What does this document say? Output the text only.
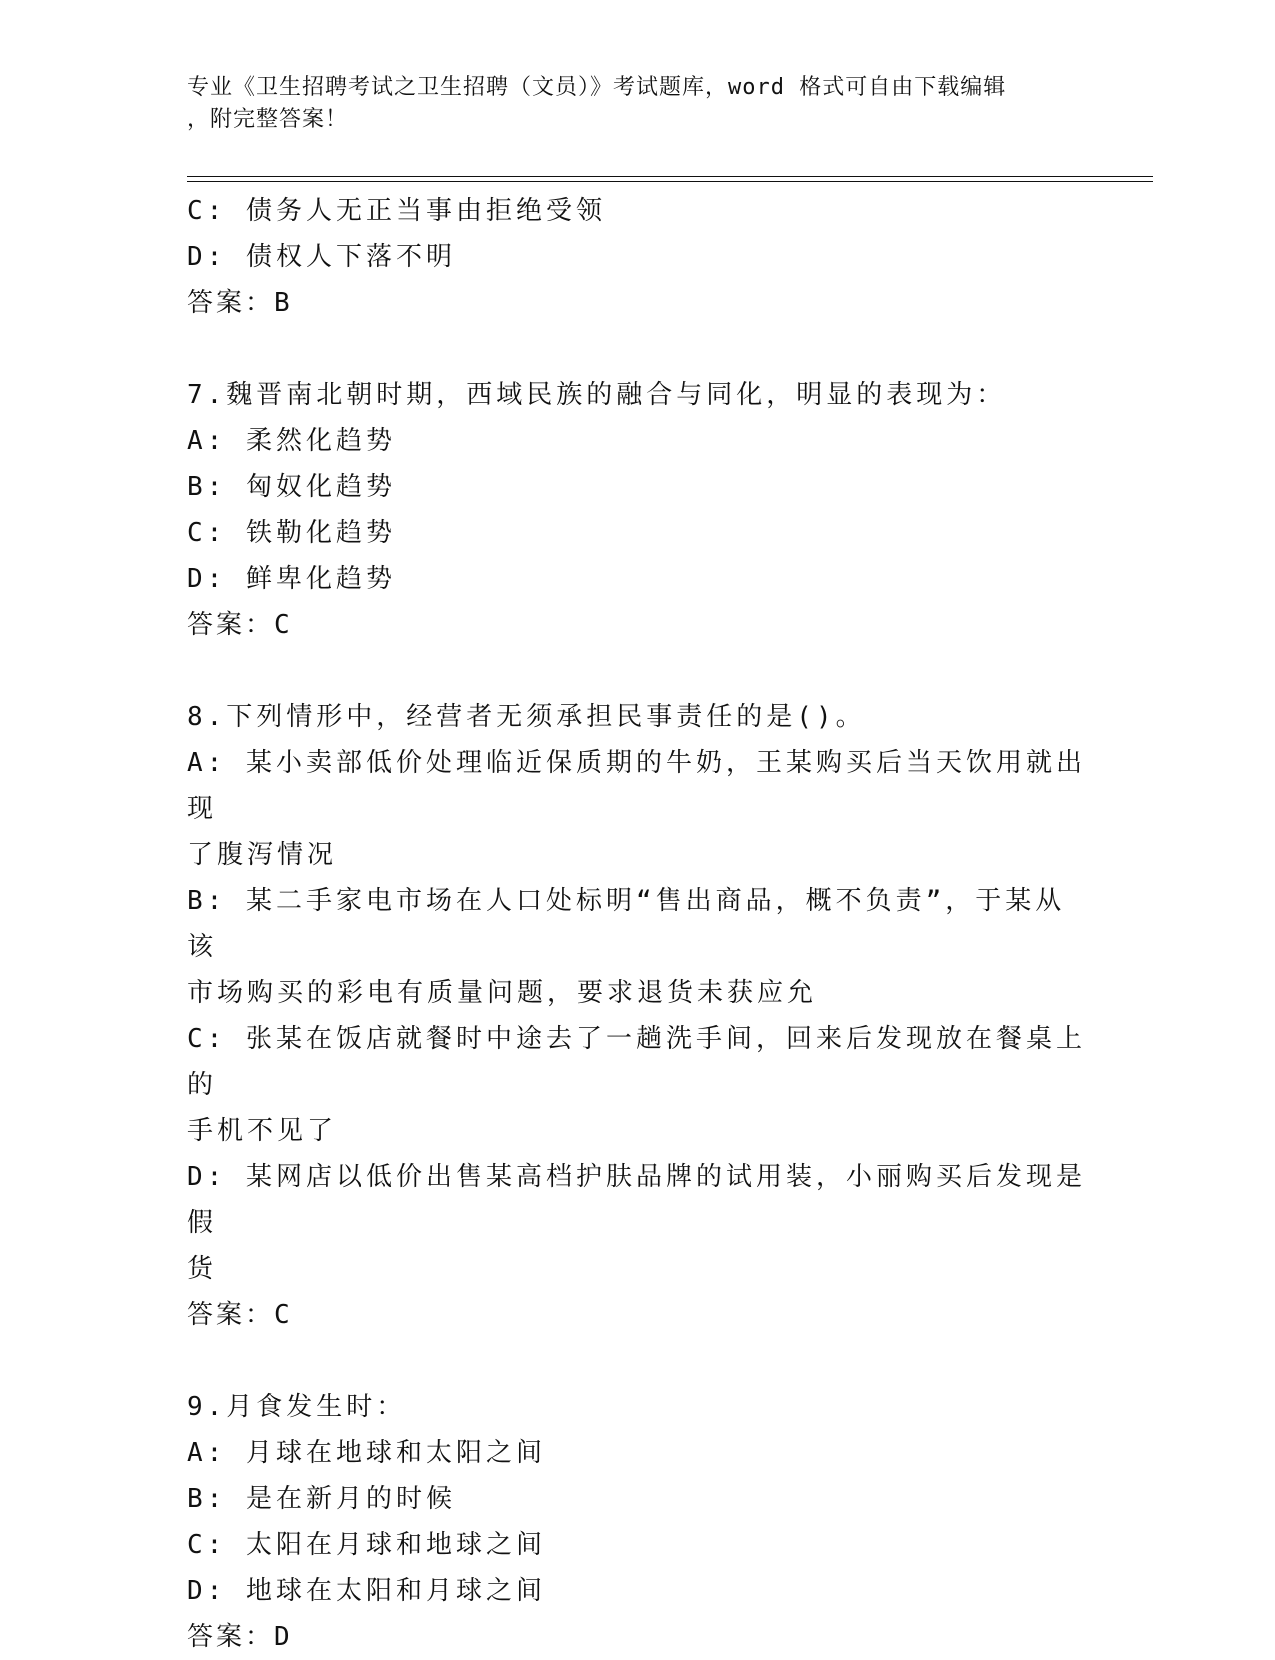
专业《卫生招聘考试之卫生招聘（文员）》考试题库，word 格式可自由下载编辑
，附完整答案！
C: 债务人无正当事由拒绝受领
D: 债权人下落不明
答案：B
7.魏晋南北朝时期，西域民族的融合与同化，明显的表现为：
A: 柔然化趋势
B: 匈奴化趋势
C: 铁勒化趋势
D: 鲜卑化趋势
答案：C
8.下列情形中，经营者无须承担民事责任的是()。
A: 某小卖部低价处理临近保质期的牛奶，王某购买后当天饮用就出现
了腹泻情况
B: 某二手家电市场在人口处标明“售出商品，概不负责”，于某从该
市场购买的彩电有质量问题，要求退货未获应允
C: 张某在饭店就餐时中途去了一趟洗手间，回来后发现放在餐桌上的
手机不见了
D: 某网店以低价出售某高档护肤品牌的试用装，小丽购买后发现是假
货
答案：C
9.月食发生时：
A: 月球在地球和太阳之间
B: 是在新月的时候
C: 太阳在月球和地球之间
D: 地球在太阳和月球之间
答案：D
